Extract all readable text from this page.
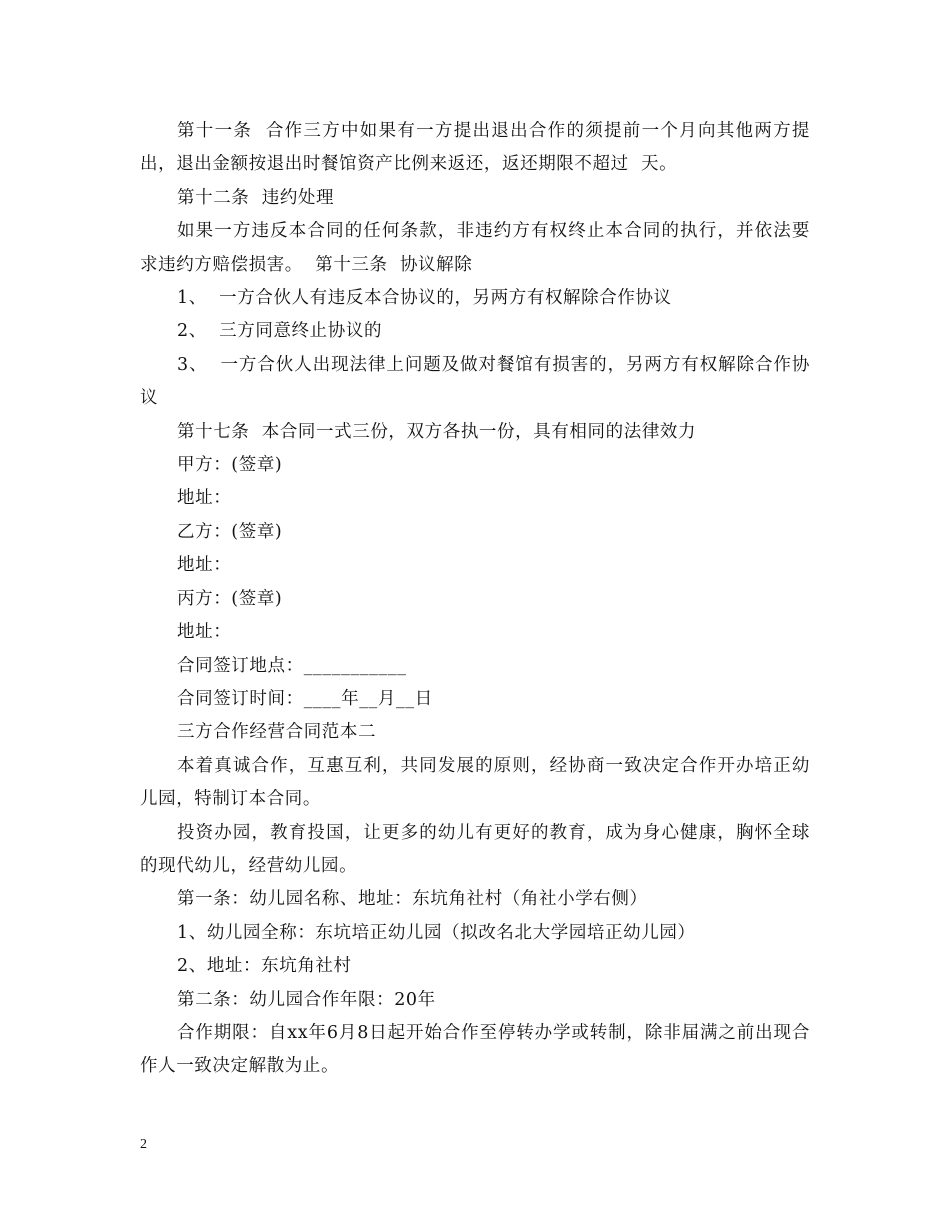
第十一条  合作三方中如果有一方提出退出合作的须提前一个月向其他两方提出，退出金额按退出时餐馆资产比例来返还，返还期限不超过  天。

第十二条  违约处理

如果一方违反本合同的任何条款，非违约方有权终止本合同的执行，并依法要求违约方赔偿损害。  第十三条  协议解除

1、  一方合伙人有违反本合协议的，另两方有权解除合作协议

2、  三方同意终止协议的

3、  一方合伙人出现法律上问题及做对餐馆有损害的，另两方有权解除合作协议

第十七条  本合同一式三份，双方各执一份，具有相同的法律效力

甲方：(签章)

地址：

乙方：(签章)

地址：

丙方：(签章)

地址：

合同签订地点：___________

合同签订时间：____年__月__日

三方合作经营合同范本二

本着真诚合作，互惠互利，共同发展的原则，经协商一致决定合作开办培正幼儿园，特制订本合同。

投资办园，教育投国，让更多的幼儿有更好的教育，成为身心健康，胸怀全球的现代幼儿，经营幼儿园。

第一条：幼儿园名称、地址：东坑角社村（角社小学右侧）

1、幼儿园全称：东坑培正幼儿园（拟改名北大学园培正幼儿园）

2、地址：东坑角社村

第二条：幼儿园合作年限：20年

合作期限：自xx年6月8日起开始合作至停转办学或转制，除非届满之前出现合作人一致决定解散为止。

2
